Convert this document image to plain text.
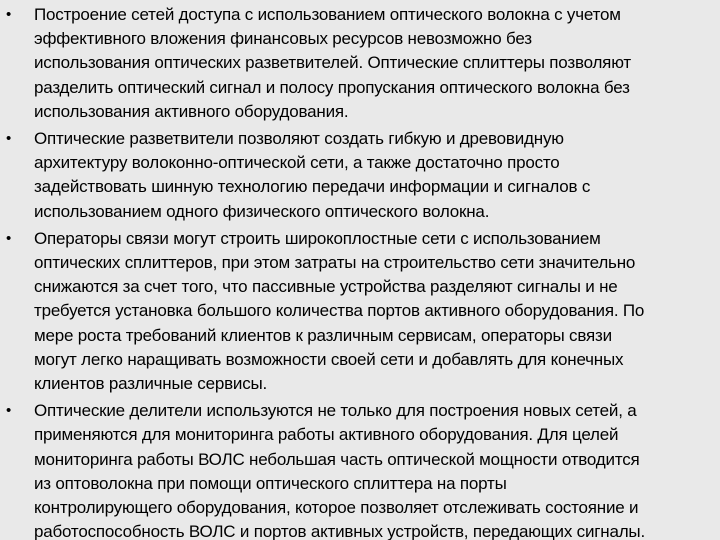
• Построение сетей доступа с использованием оптического волокна с учетом
эффективного вложения финансовых ресурсов невозможно без
использования оптических разветвителей. Оптические сплиттеры позволяют
разделить оптический сигнал и полосу пропускания оптического волокна без
использования активного оборудования.
• Оптические разветвители позволяют создать гибкую и древовидную
архитектуру волоконно-оптической сети, а также достаточно просто
задействовать шинную технологию передачи информации и сигналов с
использованием одного физического оптического волокна.
• Операторы связи могут строить широкоплостные сети с использованием
оптических сплиттеров, при этом затраты на строительство сети значительно
снижаются за счет того, что пассивные устройства разделяют сигналы и не
требуется установка большого количества портов активного оборудования. По
мере роста требований клиентов к различным сервисам, операторы связи
могут легко наращивать возможности своей сети и добавлять для конечных
клиентов различные сервисы.
• Оптические делители используются не только для построения новых сетей, а
применяются для мониторинга работы активного оборудования. Для целей
мониторинга работы ВОЛС небольшая часть оптической мощности отводится
из оптоволокна при помощи оптического сплиттера на порты
контролирующего оборудования, которое позволяет отслеживать состояние и
работоспособность ВОЛС и портов активных устройств, передающих сигналы.
